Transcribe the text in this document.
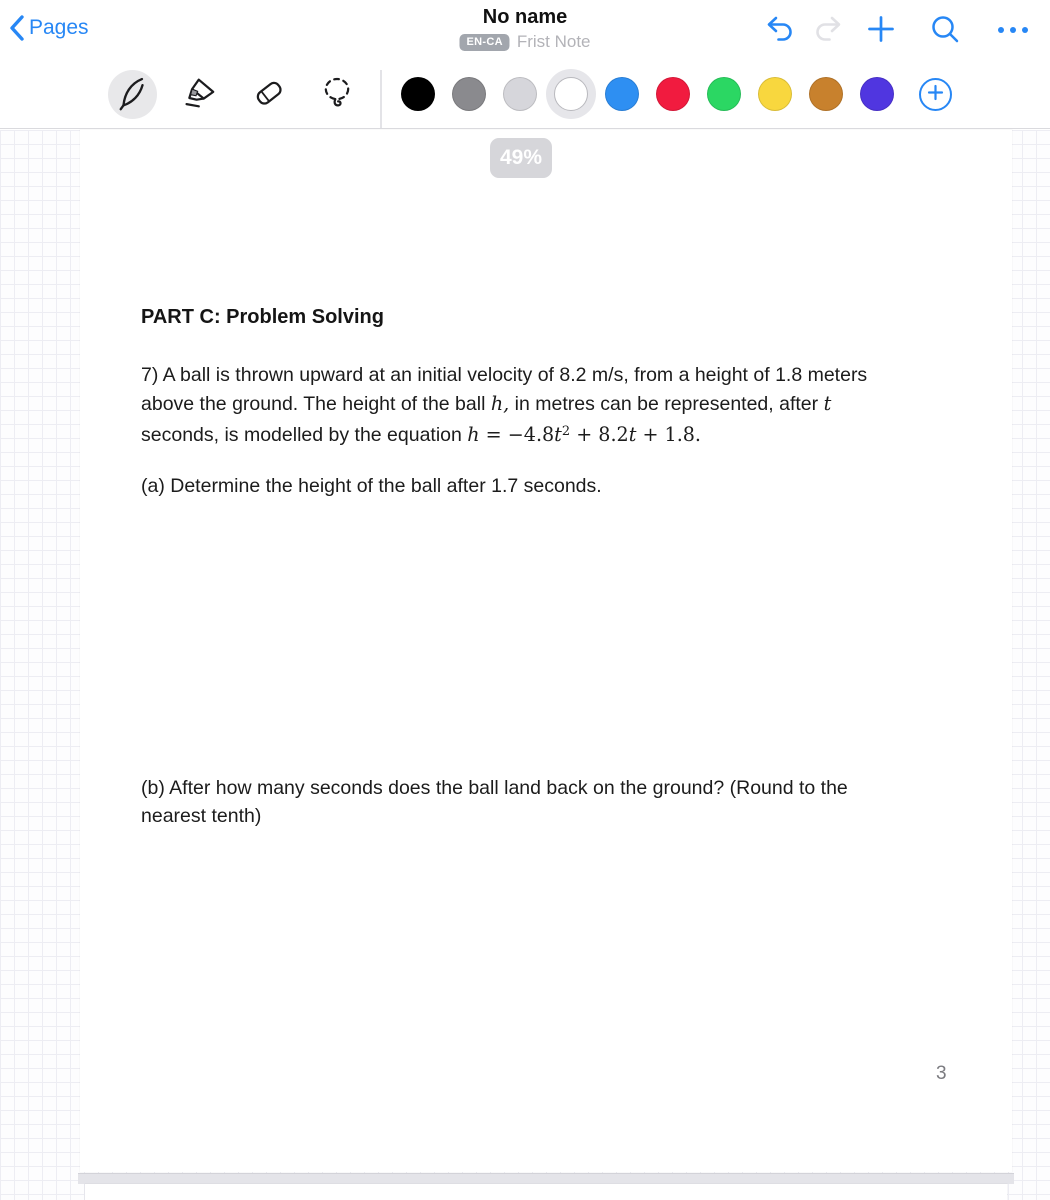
Pages	No name
EN-CA Frist Note
PART C: Problem Solving
7) A ball is thrown upward at an initial velocity of 8.2 m/s, from a height of 1.8 meters
above the ground. The height of the ball h, in metres can be represented, after t
seconds, is modelled by the equation $h = -4.8t^2 + 8.2t + 1.8$.
(a) Determine the height of the ball after 1.7 seconds.
(b) After how many seconds does the ball land back on the ground? (Round to the
nearest tenth)
3
49%
